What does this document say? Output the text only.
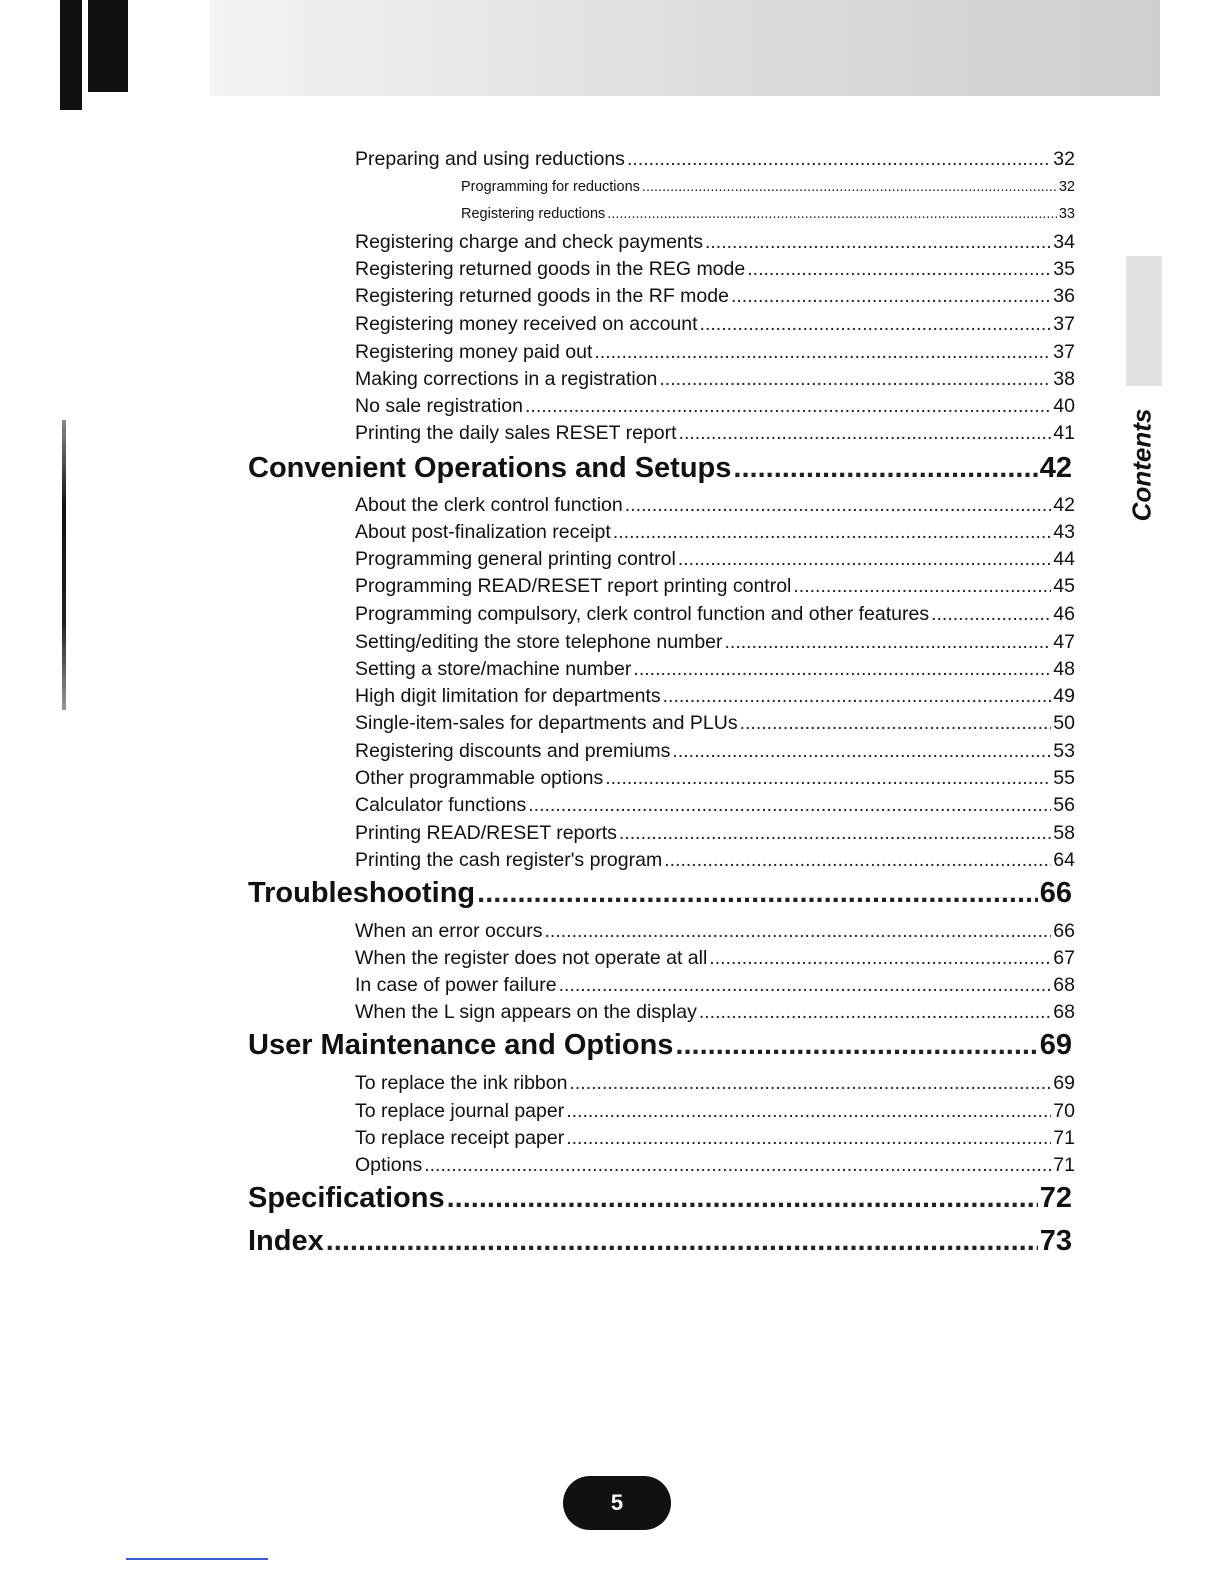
Contents
Preparing and using reductions .....	32
Programming for reductions .....	32
Registering reductions .....	33
Registering charge and check payments .....	34
Registering returned goods in the REG mode .....	35
Registering returned goods in the RF mode .....	36
Registering money received on account .....	37
Registering money paid out .....	37
Making corrections in a registration .....	38
No sale registration .....	40
Printing the daily sales RESET report .....	41
Convenient Operations and Setups .....	42
About the clerk control function .....	42
About post-finalization receipt .....	43
Programming general printing control .....	44
Programming READ/RESET report printing control .....	45
Programming compulsory, clerk control function and other features .....	46
Setting/editing the store telephone number .....	47
Setting a store/machine number .....	48
High digit limitation for departments .....	49
Single-item-sales for departments and PLUs .....	50
Registering discounts and premiums .....	53
Other programmable options .....	55
Calculator functions .....	56
Printing READ/RESET reports .....	58
Printing the cash register's program .....	64
Troubleshooting .....	66
When an error occurs .....	66
When the register does not operate at all .....	67
In case of power failure .....	68
When the L sign appears on the display .....	68
User Maintenance and Options .....	69
To replace the ink ribbon .....	69
To replace journal paper .....	70
To replace receipt paper .....	71
Options .....	71
Specifications .....	72
Index .....	73
5
